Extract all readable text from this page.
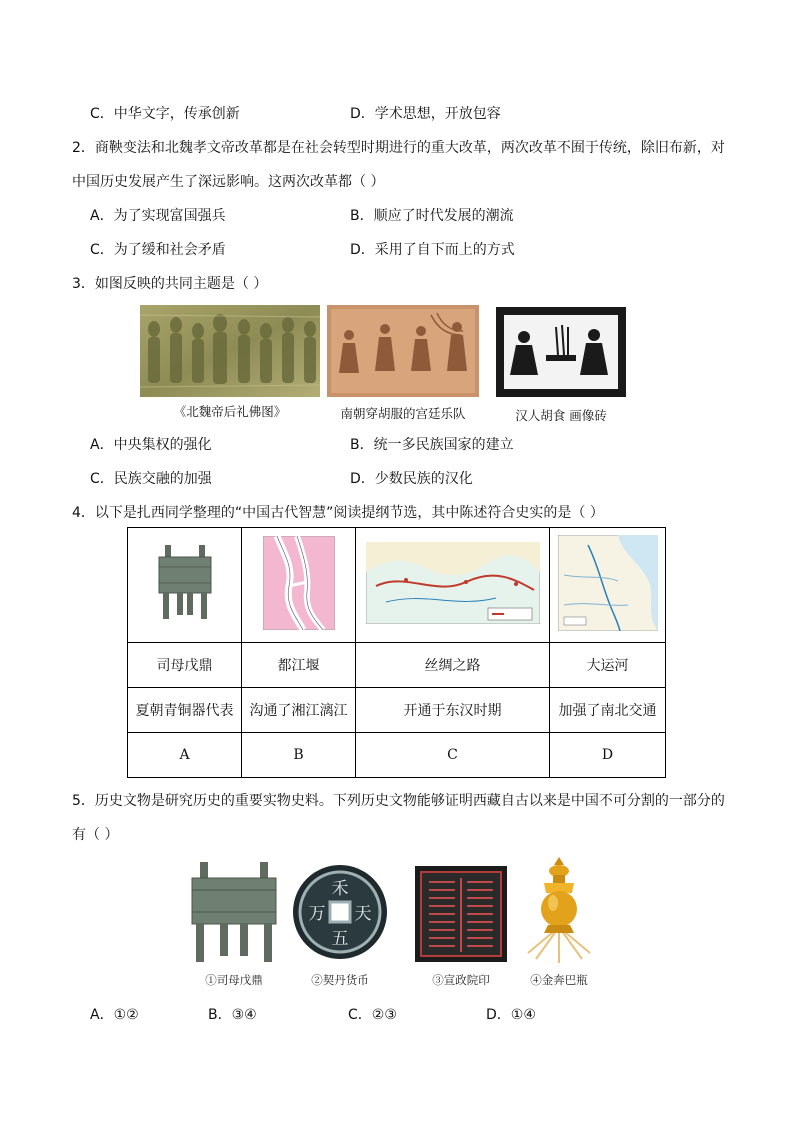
C．中华文字，传承创新	D．学术思想，开放包容
2．商鞅变法和北魏孝文帝改革都是在社会转型时期进行的重大改革，两次改革不囿于传统，除旧布新，对
中国历史发展产生了深远影响。这两次改革都（ ）
A．为了实现富国强兵	B．顺应了时代发展的潮流
C．为了缓和社会矛盾	D．采用了自下而上的方式
3．如图反映的共同主题是（ ）
《北魏帝后礼佛图》	南朝穿胡服的宫廷乐队	汉人胡食 画像砖
A．中央集权的强化	B．统一多民族国家的建立
C．民族交融的加强	D．少数民族的汉化
4．以下是扎西同学整理的“中国古代智慧”阅读提纲节选，其中陈述符合史实的是（ ）

司母戊鼎	都江堰	丝绸之路	大运河
夏朝青铜器代表	沟通了湘江漓江	开通于东汉时期	加强了南北交通
A	B	C	D
5．历史文物是研究历史的重要实物史料。下列历史文物能够证明西藏自古以来是中国不可分割的一部分的
有（ ）
①司母戊鼎
禾
天
五
万
②契丹货币	③宣政院印	④金奔巴瓶
A．①②	B．③④	C．②③	D．①④
